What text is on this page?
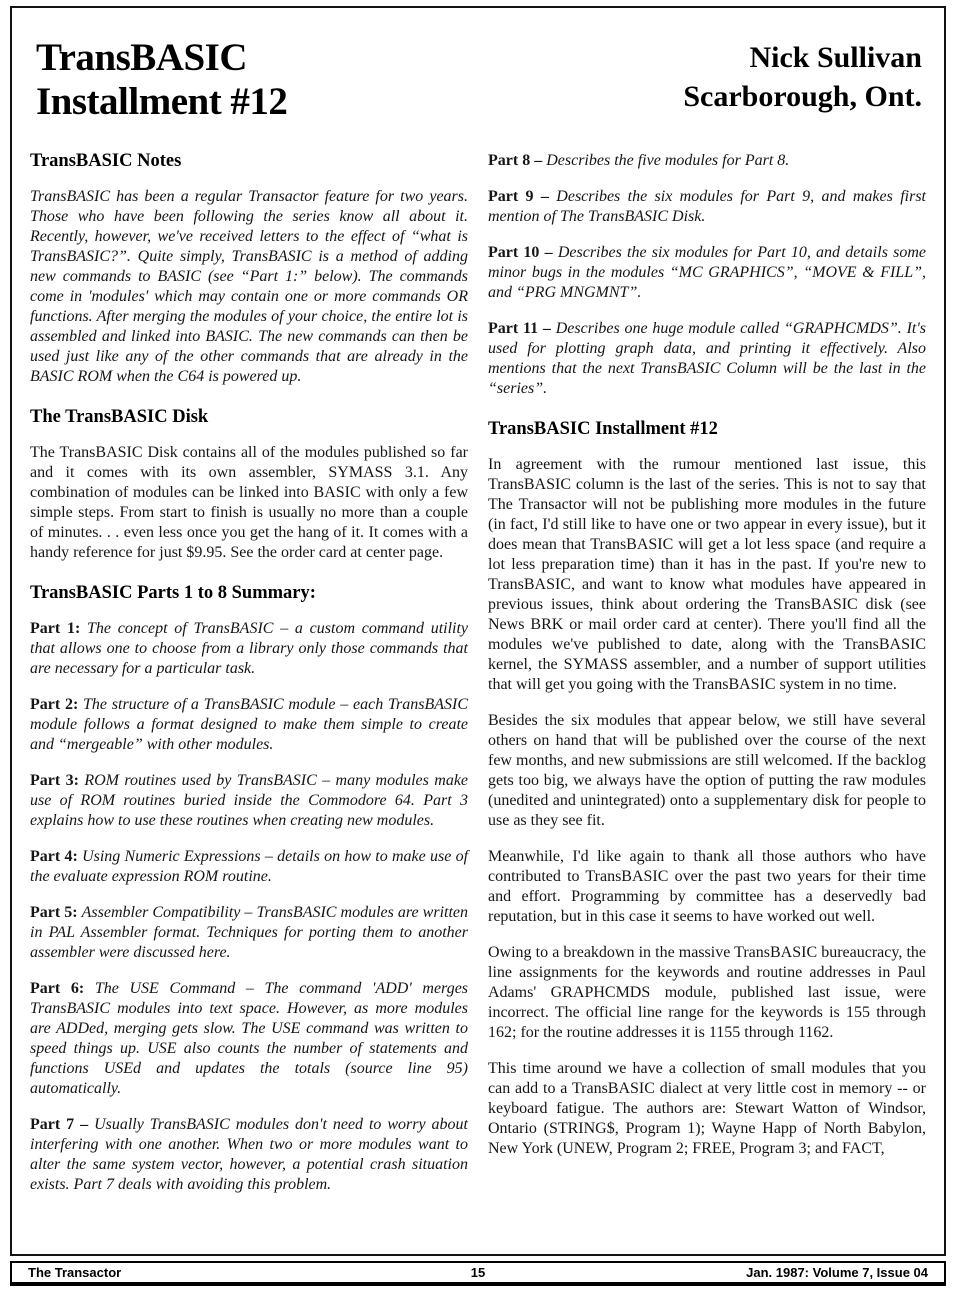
TransBASIC
Installment #12
Nick Sullivan
Scarborough, Ont.
TransBASIC Notes

TransBASIC has been a regular Transactor feature for two years. Those who have been following the series know all about it. Recently, however, we've received letters to the effect of “what is TransBASIC?”. Quite simply, TransBASIC is a method of adding new commands to BASIC (see “Part 1:” below). The commands come in 'modules' which may contain one or more commands OR functions. After merging the modules of your choice, the entire lot is assembled and linked into BASIC. The new commands can then be used just like any of the other commands that are already in the BASIC ROM when the C64 is powered up.

The TransBASIC Disk

The TransBASIC Disk contains all of the modules published so far and it comes with its own assembler, SYMASS 3.1. Any combination of modules can be linked into BASIC with only a few simple steps. From start to finish is usually no more than a couple of minutes. . . even less once you get the hang of it. It comes with a handy reference for just $9.95. See the order card at center page.

TransBASIC Parts 1 to 8 Summary:

Part 1: The concept of TransBASIC – a custom command utility that allows one to choose from a library only those commands that are necessary for a particular task.

Part 2: The structure of a TransBASIC module – each TransBASIC module follows a format designed to make them simple to create and “mergeable” with other modules.

Part 3: ROM routines used by TransBASIC – many modules make use of ROM routines buried inside the Commodore 64. Part 3 explains how to use these routines when creating new modules.

Part 4: Using Numeric Expressions – details on how to make use of the evaluate expression ROM routine.

Part 5: Assembler Compatibility – TransBASIC modules are written in PAL Assembler format. Techniques for porting them to another assembler were discussed here.

Part 6: The USE Command – The command 'ADD' merges TransBASIC modules into text space. However, as more modules are ADDed, merging gets slow. The USE command was written to speed things up. USE also counts the number of statements and functions USEd and updates the totals (source line 95) automatically.

Part 7 – Usually TransBASIC modules don't need to worry about interfering with one another. When two or more modules want to alter the same system vector, however, a potential crash situation exists. Part 7 deals with avoiding this problem.

Part 8 – Describes the five modules for Part 8.

Part 9 – Describes the six modules for Part 9, and makes first mention of The TransBASIC Disk.

Part 10 – Describes the six modules for Part 10, and details some minor bugs in the modules “MC GRAPHICS”, “MOVE & FILL”, and “PRG MNGMNT”.

Part 11 – Describes one huge module called “GRAPHCMDS”. It's used for plotting graph data, and printing it effectively. Also mentions that the next TransBASIC Column will be the last in the “series”.

TransBASIC Installment #12

In agreement with the rumour mentioned last issue, this TransBASIC column is the last of the series. This is not to say that The Transactor will not be publishing more modules in the future (in fact, I'd still like to have one or two appear in every issue), but it does mean that TransBASIC will get a lot less space (and require a lot less preparation time) than it has in the past. If you're new to TransBASIC, and want to know what modules have appeared in previous issues, think about ordering the TransBASIC disk (see News BRK or mail order card at center). There you'll find all the modules we've published to date, along with the TransBASIC kernel, the SYMASS assembler, and a number of support utilities that will get you going with the TransBASIC system in no time.

Besides the six modules that appear below, we still have several others on hand that will be published over the course of the next few months, and new submissions are still welcomed. If the backlog gets too big, we always have the option of putting the raw modules (unedited and unintegrated) onto a supplementary disk for people to use as they see fit.

Meanwhile, I'd like again to thank all those authors who have contributed to TransBASIC over the past two years for their time and effort. Programming by committee has a deservedly bad reputation, but in this case it seems to have worked out well.

Owing to a breakdown in the massive TransBASIC bureaucracy, the line assignments for the keywords and routine addresses in Paul Adams' GRAPHCMDS module, published last issue, were incorrect. The official line range for the keywords is 155 through 162; for the routine addresses it is 1155 through 1162.

This time around we have a collection of small modules that you can add to a TransBASIC dialect at very little cost in memory -- or keyboard fatigue. The authors are: Stewart Watton of Windsor, Ontario (STRING$, Program 1); Wayne Happ of North Babylon, New York (UNEW, Program 2; FREE, Program 3; and FACT,

The Transactor	15	Jan. 1987: Volume 7, Issue 04
